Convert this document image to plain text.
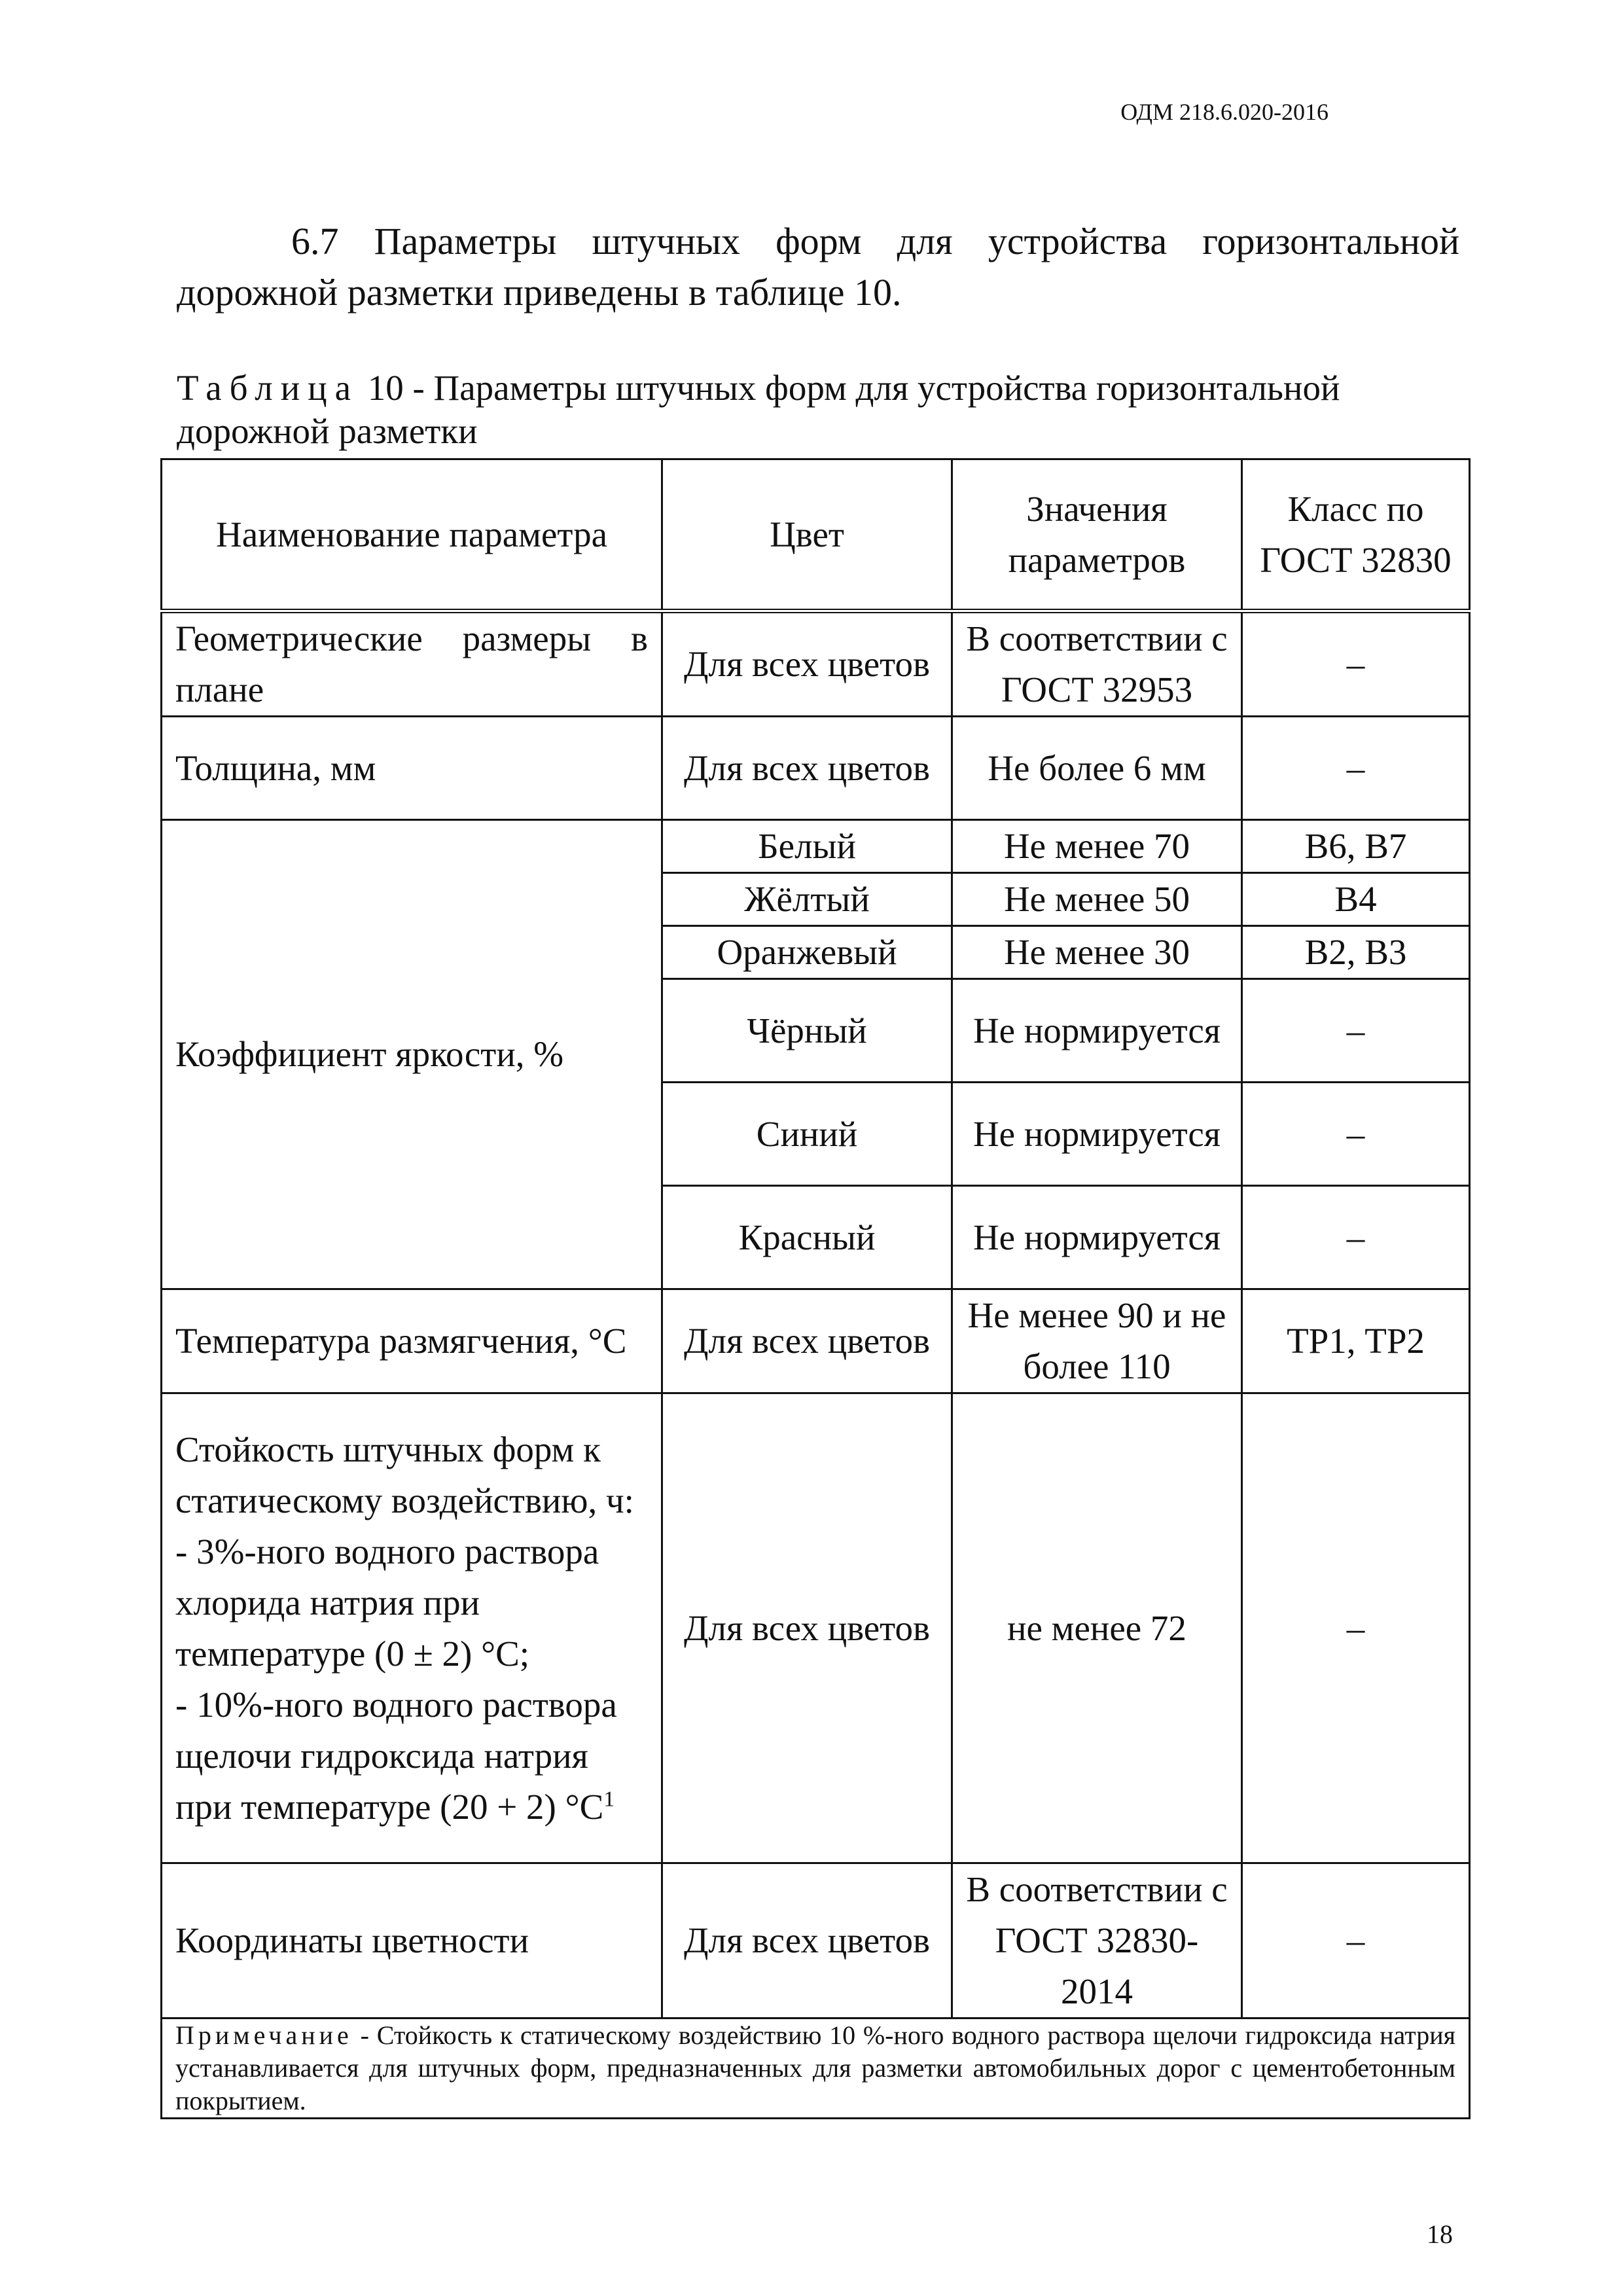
ОДМ 218.6.020-2016

6.7 Параметры штучных форм для устройства горизонтальной дорожной разметки приведены в таблице 10.

Таблица 10 - Параметры штучных форм для устройства горизонтальной дорожной разметки

Наименование параметра	Цвет	Значения параметров	Класс по ГОСТ 32830
Геометрические размеры в плане	Для всех цветов	В соответствии с ГОСТ 32953	–
Толщина, мм	Для всех цветов	Не более 6 мм	–
Коэффициент яркости, %	Белый	Не менее 70	В6, В7
	Жёлтый	Не менее 50	В4
	Оранжевый	Не менее 30	В2, В3
	Чёрный	Не нормируется	–
	Синий	Не нормируется	–
	Красный	Не нормируется	–
Температура размягчения, °С	Для всех цветов	Не менее 90 и не более 110	ТР1, ТР2

Стойкость штучных форм к статическому воздействию, ч:
- 3%-ного водного раствора хлорида натрия при температуре (0 ± 2) °С;
- 10%-ного водного раствора щелочи гидроксида натрия при температуре (20 + 2) $^\circ С^1$	Для всех цветов	не менее 72	–
Координаты цветности	Для всех цветов	В соответствии с ГОСТ 32830-2014	–
Примечание - Стойкость к статическому воздействию 10 %-ного водного раствора щелочи гидроксида натрия устанавливается для штучных форм, предназначенных для разметки автомобильных дорог с цементобетонным покрытием.			
18
